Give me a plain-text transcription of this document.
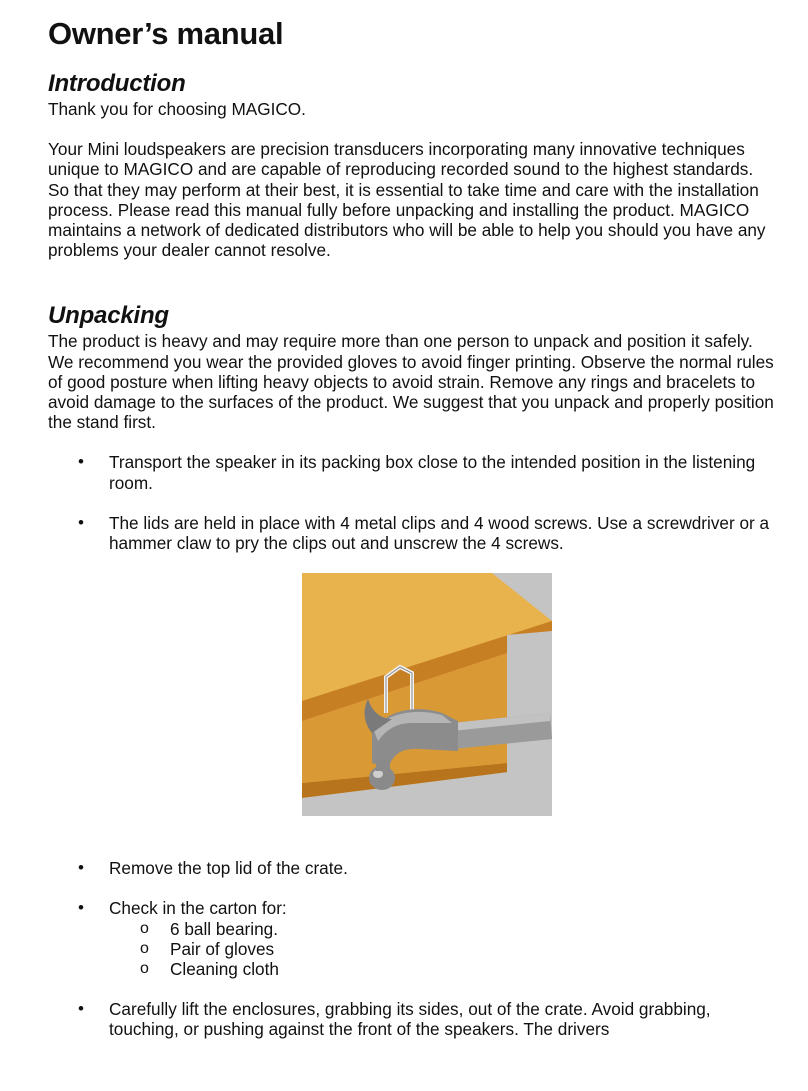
Owner’s manual
Introduction

Thank you for choosing MAGICO.

Your Mini loudspeakers are precision transducers incorporating many innovative techniques unique to MAGICO and are capable of reproducing recorded sound to the highest standards. So that they may perform at their best, it is essential to take time and care with the installation process. Please read this manual fully before unpacking and installing the product. MAGICO maintains a network of dedicated distributors who will be able to help you should you have any problems your dealer cannot resolve.

Unpacking

The product is heavy and may require more than one person to unpack and position it safely. We recommend you wear the provided gloves to avoid finger printing. Observe the normal rules of good posture when lifting heavy objects to avoid strain. Remove any rings and bracelets to avoid damage to the surfaces of the product. We suggest that you unpack and properly position the stand first.

• Transport the speaker in its packing box close to the intended position in the listening room.
• The lids are held in place with 4 metal clips and 4 wood screws. Use a screwdriver or a hammer claw to pry the clips out and unscrew the 4 screws.
• Remove the top lid of the crate.
• Check in the carton for:
o 6 ball bearing.
o Pair of gloves
o Cleaning cloth
• Carefully lift the enclosures, grabbing its sides, out of the crate. Avoid grabbing, touching, or pushing against the front of the speakers. The drivers
